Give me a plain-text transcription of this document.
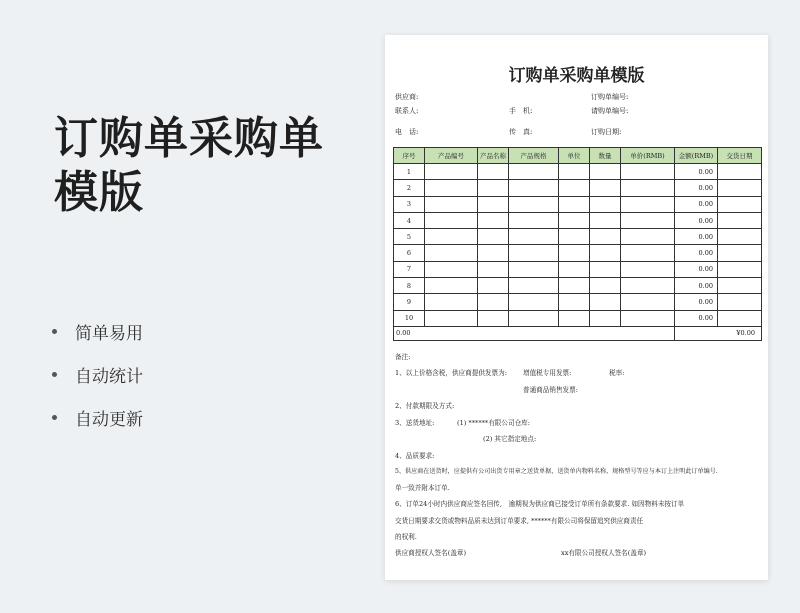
订购单采购单模版
简单易用
自动统计
自动更新
订购单采购单模版
供应商:	订购单编号:
联系人:	手　机:	请购单编号:
电　话:	传　真:	订购日期:
序号	产品编号	产品名称	产品规格	单位	数量	单价(RMB)	金额(RMB)	交货日期
1							0.00	
2							0.00	
3							0.00	
4							0.00	
5							0.00	
6							0.00	
7							0.00	
8							0.00	
9							0.00	
10							0.00	
0.00							¥0.00	
备注:
1、以上价格含税，供应商提供发票为: 增值税专用发票:	税率:
普通商品销售发票:
2、付款期限及方式:
3、送货地址:	(1) ******有限公司仓库:
(2) 其它指定地点:
4、品质要求:
5、供应商在送货时，应提供有公司出货专用章之送货单据，送货单内物料名称、规格型号等应与本订上注明此订单编号.
单一致并附本订单.
6、订单24小时内供应商应签名回传,　逾期视为供应商已接受订单所有条款要求. 如因物料未按订单
交货日期要求交货或物料品质未达到订单要求, ******有限公司将保留追究供应商责任
的权利.
供应商授权人签名(盖章)	xx有限公司授权人签名(盖章)
